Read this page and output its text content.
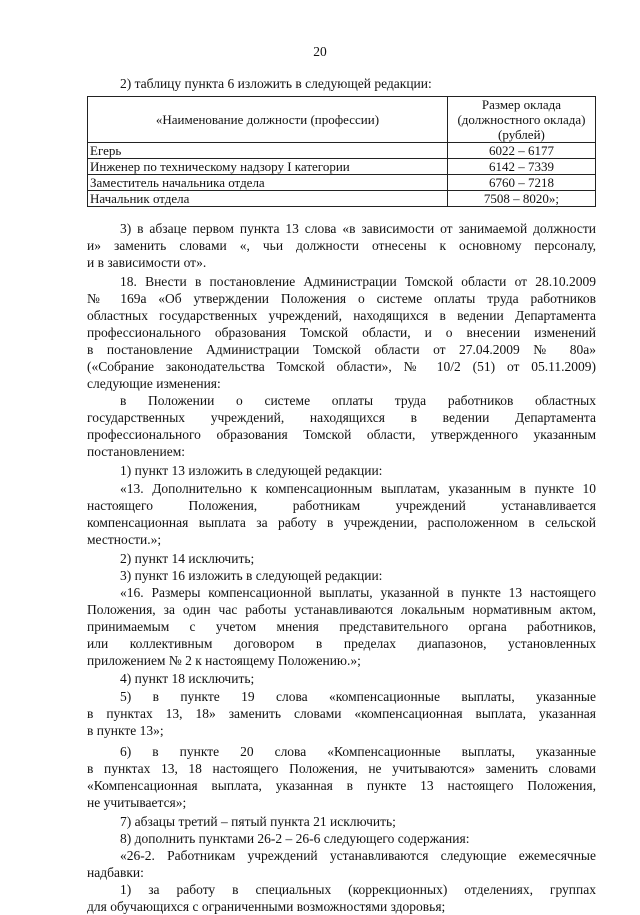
20
2) таблицу пункта 6 изложить в следующей редакции:
«Наименование должности (профессии)	Размер оклада
(должностного оклада)
(рублей)

Егерь	6022 – 6177
Инженер по техническому надзору I категории	6142 – 7339
Заместитель начальника отдела	6760 – 7218
Начальник отдела	7508 – 8020»;
3) в абзаце первом пункта 13 слова «в зависимости от занимаемой должности
и» заменить словами «, чьи должности отнесены к основному персоналу,
и в зависимости от».
18. Внести в постановление Администрации Томской области от 28.10.2009
№ 169а «Об утверждении Положения о системе оплаты труда работников
областных государственных учреждений, находящихся в ведении Департамента
профессионального образования Томской области, и о внесении изменений
в постановление Администрации Томской области от 27.04.2009 № 80а»
(«Собрание законодательства Томской области», № 10/2 (51) от 05.11.2009)
следующие изменения:
в Положении о системе оплаты труда работников областных
государственных учреждений, находящихся в ведении Департамента
профессионального образования Томской области, утвержденного указанным
постановлением:
1) пункт 13 изложить в следующей редакции:
«13. Дополнительно к компенсационным выплатам, указанным в пункте 10
настоящего Положения, работникам учреждений устанавливается
компенсационная выплата за работу в учреждении, расположенном в сельской
местности.»;
2) пункт 14 исключить;
3) пункт 16 изложить в следующей редакции:
«16. Размеры компенсационной выплаты, указанной в пункте 13 настоящего
Положения, за один час работы устанавливаются локальным нормативным актом,
принимаемым с учетом мнения представительного органа работников,
или коллективным договором в пределах диапазонов, установленных
приложением № 2 к настоящему Положению.»;
4) пункт 18 исключить;
5) в пункте 19 слова «компенсационные выплаты, указанные
в пунктах 13, 18» заменить словами «компенсационная выплата, указанная
в пункте 13»;
6) в пункте 20 слова «Компенсационные выплаты, указанные
в пунктах 13, 18 настоящего Положения, не учитываются» заменить словами
«Компенсационная выплата, указанная в пункте 13 настоящего Положения,
не учитывается»;
7) абзацы третий – пятый пункта 21 исключить;
8) дополнить пунктами 26-2 – 26-6 следующего содержания:
«26-2. Работникам учреждений устанавливаются следующие ежемесячные
надбавки:
1) за работу в специальных (коррекционных) отделениях, группах
для обучающихся с ограниченными возможностями здоровья;
